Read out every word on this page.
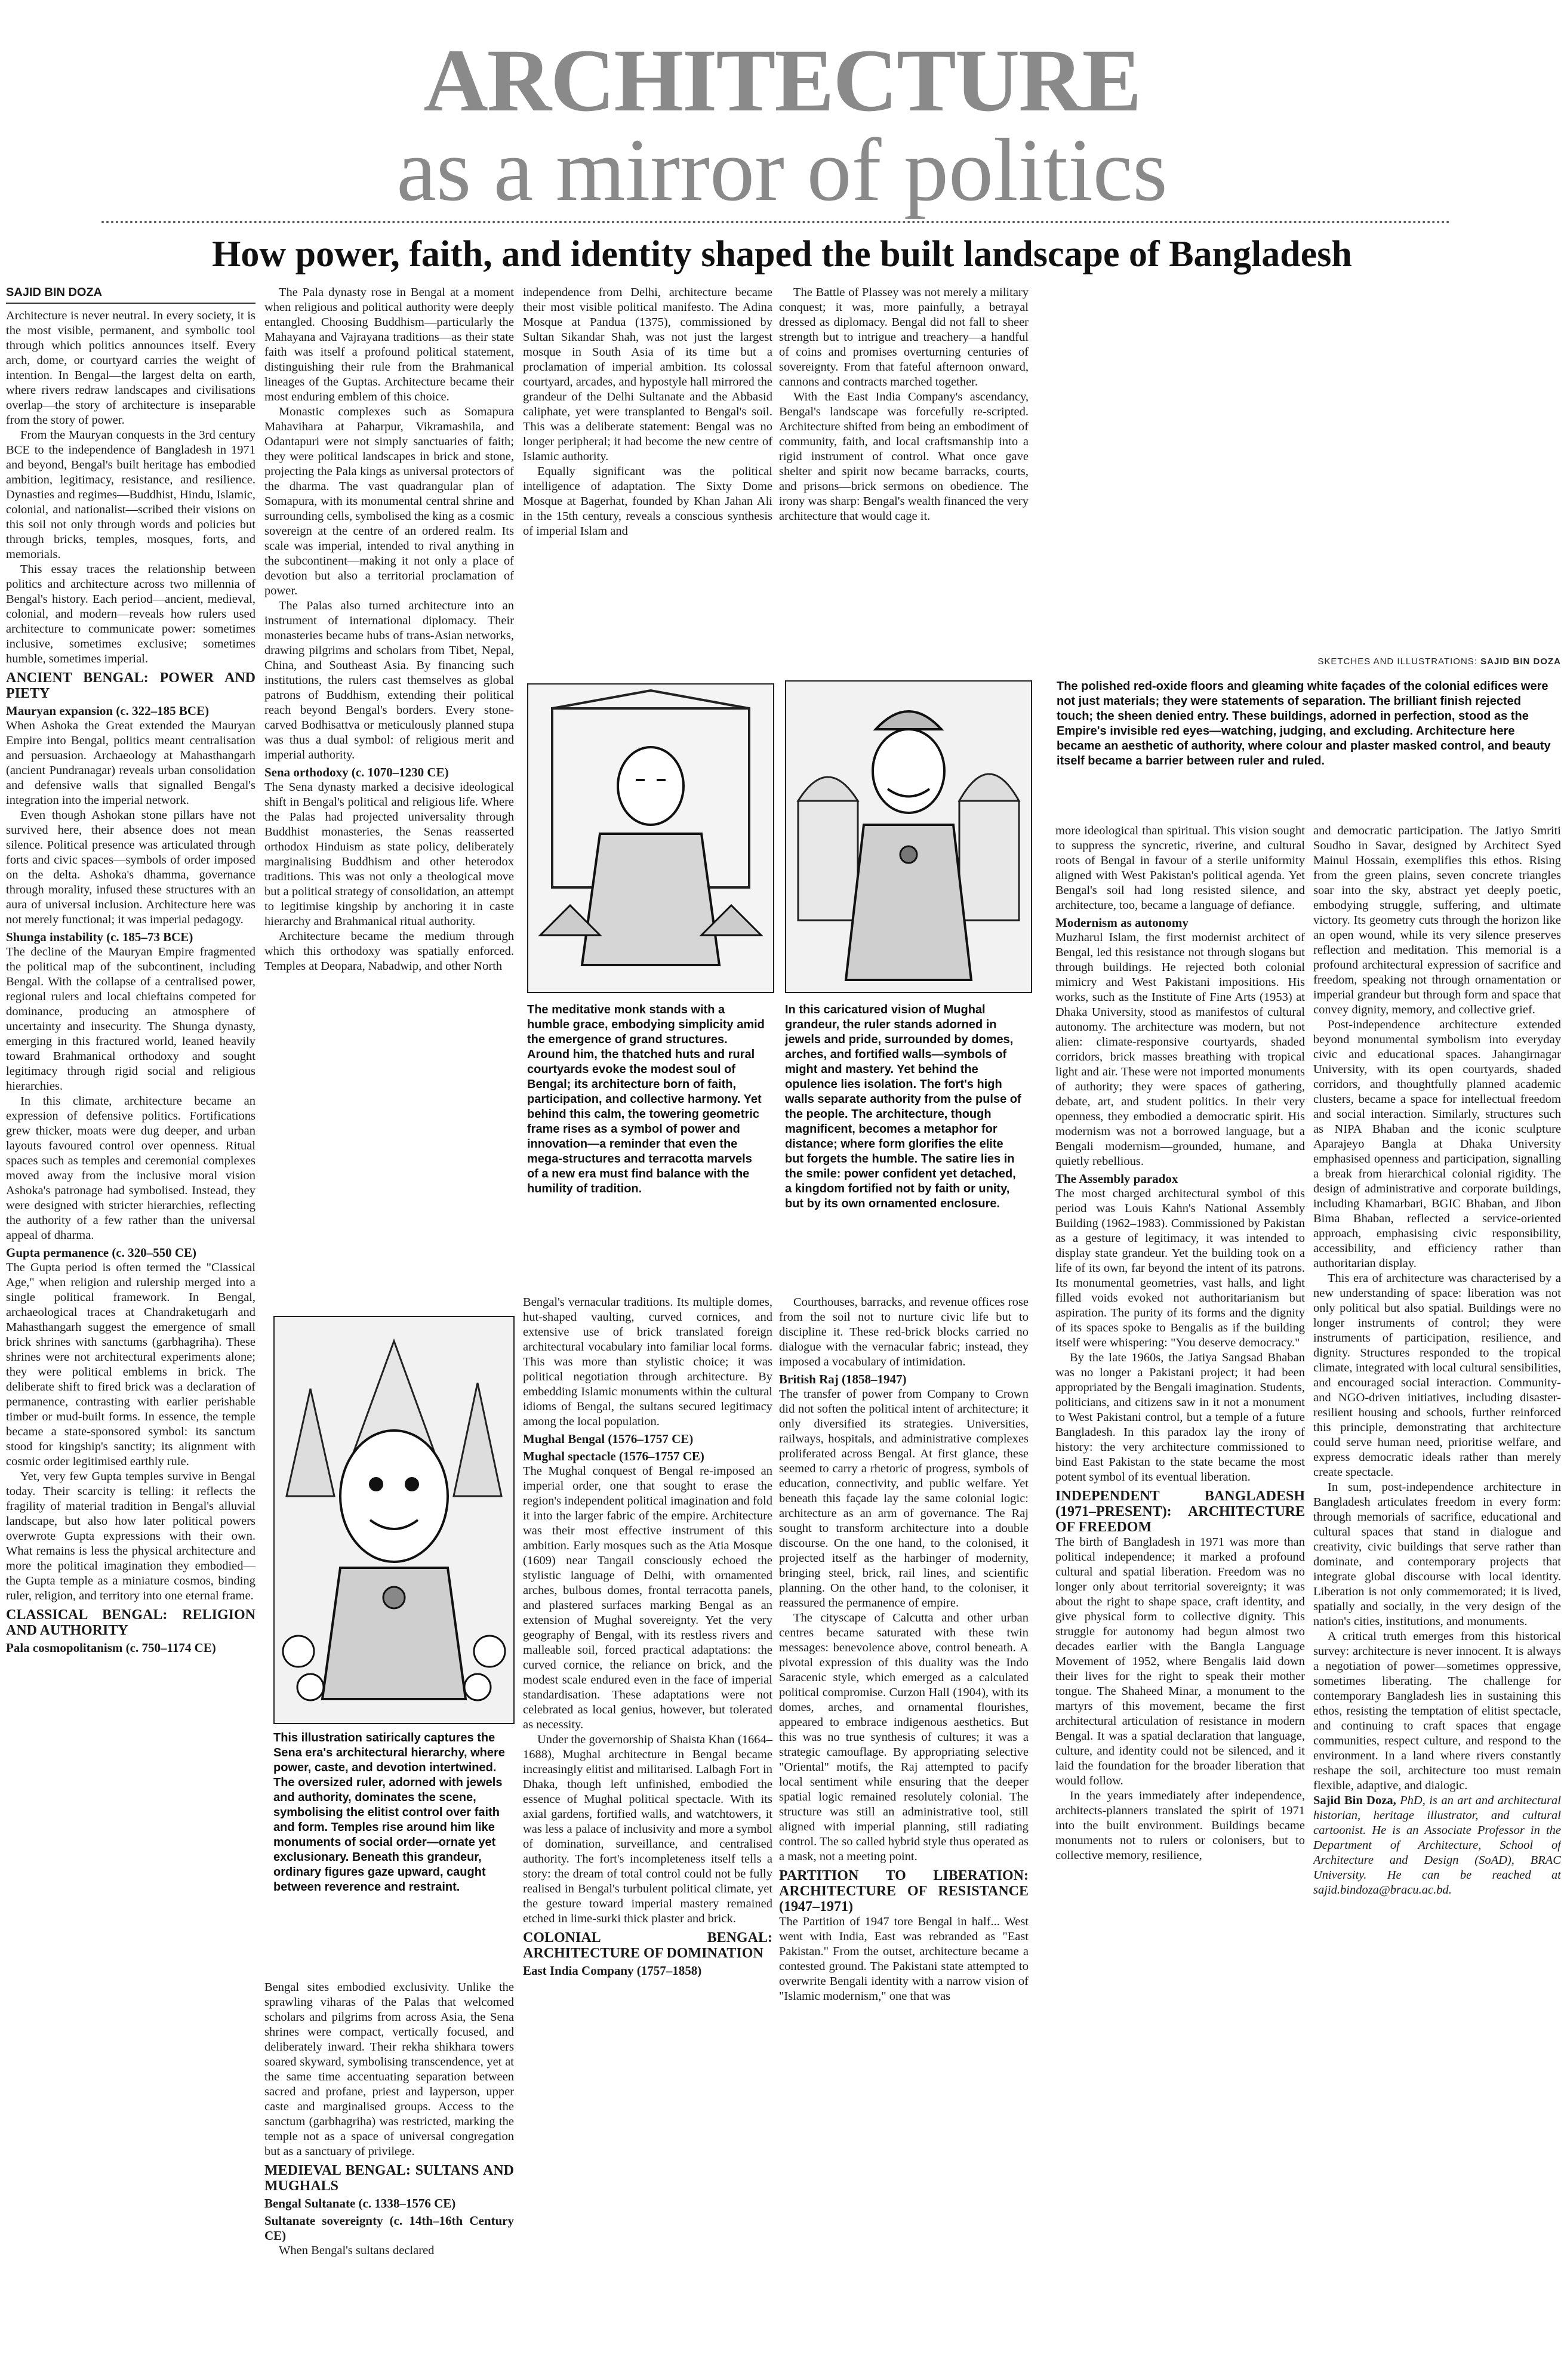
ARCHITECTURE
as a mirror of politics
How power, faith, and identity shaped the built landscape of Bangladesh
SAJID BIN DOZA

Architecture is never neutral. In every society, it is the most visible, permanent, and symbolic tool through which politics announces itself. Every arch, dome, or courtyard carries the weight of intention. In Bengal—the largest delta on earth, where rivers redraw landscapes and civilisations overlap—the story of architecture is inseparable from the story of power.

From the Mauryan conquests in the 3rd century BCE to the independence of Bangladesh in 1971 and beyond, Bengal's built heritage has embodied ambition, legitimacy, resistance, and resilience. Dynasties and regimes—Buddhist, Hindu, Islamic, colonial, and nationalist—scribed their visions on this soil not only through words and policies but through bricks, temples, mosques, forts, and memorials.

This essay traces the relationship between politics and architecture across two millennia of Bengal's history. Each period—ancient, medieval, colonial, and modern—reveals how rulers used architecture to communicate power: sometimes inclusive, sometimes exclusive; sometimes humble, sometimes imperial.

ANCIENT BENGAL: POWER AND PIETY
Mauryan expansion (c. 322–185 BCE)

When Ashoka the Great extended the Mauryan Empire into Bengal, politics meant centralisation and persuasion. Archaeology at Mahasthangarh (ancient Pundranagar) reveals urban consolidation and defensive walls that signalled Bengal's integration into the imperial network.

Even though Ashokan stone pillars have not survived here, their absence does not mean silence. Political presence was articulated through forts and civic spaces—symbols of order imposed on the delta. Ashoka's dhamma, governance through morality, infused these structures with an aura of universal inclusion. Architecture here was not merely functional; it was imperial pedagogy.

Shunga instability (c. 185–73 BCE)

The decline of the Mauryan Empire fragmented the political map of the subcontinent, including Bengal. With the collapse of a centralised power, regional rulers and local chieftains competed for dominance, producing an atmosphere of uncertainty and insecurity. The Shunga dynasty, emerging in this fractured world, leaned heavily toward Brahmanical orthodoxy and sought legitimacy through rigid social and religious hierarchies.

In this climate, architecture became an expression of defensive politics. Fortifications grew thicker, moats were dug deeper, and urban layouts favoured control over openness. Ritual spaces such as temples and ceremonial complexes moved away from the inclusive moral vision Ashoka's patronage had symbolised. Instead, they were designed with stricter hierarchies, reflecting the authority of a few rather than the universal appeal of dharma.

Gupta permanence (c. 320–550 CE)

The Gupta period is often termed the "Classical Age," when religion and rulership merged into a single political framework. In Bengal, archaeological traces at Chandraketugarh and Mahasthangarh suggest the emergence of small brick shrines with sanctums (garbhagriha). These shrines were not architectural experiments alone; they were political emblems in brick. The deliberate shift to fired brick was a declaration of permanence, contrasting with earlier perishable timber or mud-built forms. In essence, the temple became a state-sponsored symbol: its sanctum stood for kingship's sanctity; its alignment with cosmic order legitimised earthly rule.

Yet, very few Gupta temples survive in Bengal today. Their scarcity is telling: it reflects the fragility of material tradition in Bengal's alluvial landscape, but also how later political powers overwrote Gupta expressions with their own. What remains is less the physical architecture and more the political imagination they embodied—the Gupta temple as a miniature cosmos, binding ruler, religion, and territory into one eternal frame.

CLASSICAL BENGAL: RELIGION AND AUTHORITY
Pala cosmopolitanism (c. 750–1174 CE)

The Pala dynasty rose in Bengal at a moment when religious and political authority were deeply entangled. Choosing Buddhism—particularly the Mahayana and Vajrayana traditions—as their state faith was itself a profound political statement, distinguishing their rule from the Brahmanical lineages of the Guptas. Architecture became their most enduring emblem of this choice.

Monastic complexes such as Somapura Mahavihara at Paharpur, Vikramashila, and Odantapuri were not simply sanctuaries of faith; they were political landscapes in brick and stone, projecting the Pala kings as universal protectors of the dharma. The vast quadrangular plan of Somapura, with its monumental central shrine and surrounding cells, symbolised the king as a cosmic sovereign at the centre of an ordered realm. Its scale was imperial, intended to rival anything in the subcontinent—making it not only a place of devotion but also a territorial proclamation of power.

The Palas also turned architecture into an instrument of international diplomacy. Their monasteries became hubs of trans-Asian networks, drawing pilgrims and scholars from Tibet, Nepal, China, and Southeast Asia. By financing such institutions, the rulers cast themselves as global patrons of Buddhism, extending their political reach beyond Bengal's borders. Every stone-carved Bodhisattva or meticulously planned stupa was thus a dual symbol: of religious merit and imperial authority.

Sena orthodoxy (c. 1070–1230 CE)

The Sena dynasty marked a decisive ideological shift in Bengal's political and religious life. Where the Palas had projected universality through Buddhist monasteries, the Senas reasserted orthodox Hinduism as state policy, deliberately marginalising Buddhism and other heterodox traditions. This was not only a theological move but a political strategy of consolidation, an attempt to legitimise kingship by anchoring it in caste hierarchy and Brahmanical ritual authority.

Architecture became the medium through which this orthodoxy was spatially enforced. Temples at Deopara, Nabadwip, and other North

This illustration satirically captures the Sena era's architectural hierarchy, where power, caste, and devotion intertwined. The oversized ruler, adorned with jewels and authority, dominates the scene, symbolising the elitist control over faith and form. Temples rise around him like monuments of social order—ornate yet exclusionary. Beneath this grandeur, ordinary figures gaze upward, caught between reverence and restraint.

Bengal sites embodied exclusivity. Unlike the sprawling viharas of the Palas that welcomed scholars and pilgrims from across Asia, the Sena shrines were compact, vertically focused, and deliberately inward. Their rekha shikhara towers soared skyward, symbolising transcendence, yet at the same time accentuating separation between sacred and profane, priest and layperson, upper caste and marginalised groups. Access to the sanctum (garbhagriha) was restricted, marking the temple not as a space of universal congregation but as a sanctuary of privilege.

MEDIEVAL BENGAL: SULTANS AND MUGHALS
Bengal Sultanate (c. 1338–1576 CE)
Sultanate sovereignty (c. 14th–16th Century CE)

When Bengal's sultans declared

independence from Delhi, architecture became their most visible political manifesto. The Adina Mosque at Pandua (1375), commissioned by Sultan Sikandar Shah, was not just the largest mosque in South Asia of its time but a proclamation of imperial ambition. Its colossal courtyard, arcades, and hypostyle hall mirrored the grandeur of the Delhi Sultanate and the Abbasid caliphate, yet were transplanted to Bengal's soil. This was a deliberate statement: Bengal was no longer peripheral; it had become the new centre of Islamic authority.

Equally significant was the political intelligence of adaptation. The Sixty Dome Mosque at Bagerhat, founded by Khan Jahan Ali in the 15th century, reveals a conscious synthesis of imperial Islam and

The Battle of Plassey was not merely a military conquest; it was, more painfully, a betrayal dressed as diplomacy. Bengal did not fall to sheer strength but to intrigue and treachery—a handful of coins and promises overturning centuries of sovereignty. From that fateful afternoon onward, cannons and contracts marched together.

With the East India Company's ascendancy, Bengal's landscape was forcefully re-scripted. Architecture shifted from being an embodiment of community, faith, and local craftsmanship into a rigid instrument of control. What once gave shelter and spirit now became barracks, courts, and prisons—brick sermons on obedience. The irony was sharp: Bengal's wealth financed the very architecture that would cage it.

The meditative monk stands with a humble grace, embodying simplicity amid the emergence of grand structures. Around him, the thatched huts and rural courtyards evoke the modest soul of Bengal; its architecture born of faith, participation, and collective harmony. Yet behind this calm, the towering geometric frame rises as a symbol of power and innovation—a reminder that even the mega-structures and terracotta marvels of a new era must find balance with the humility of tradition.
In this caricatured vision of Mughal grandeur, the ruler stands adorned in jewels and pride, surrounded by domes, arches, and fortified walls—symbols of might and mastery. Yet behind the opulence lies isolation. The fort's high walls separate authority from the pulse of the people. The architecture, though magnificent, becomes a metaphor for distance; where form glorifies the elite but forgets the humble. The satire lies in the smile: power confident yet detached, a kingdom fortified not by faith or unity, but by its own ornamented enclosure.
SKETCHES AND ILLUSTRATIONS: SAJID BIN DOZA
The polished red-oxide floors and gleaming white façades of the colonial edifices were not just materials; they were statements of separation. The brilliant finish rejected touch; the sheen denied entry. These buildings, adorned in perfection, stood as the Empire's invisible red eyes—watching, judging, and excluding. Architecture here became an aesthetic of authority, where colour and plaster masked control, and beauty itself became a barrier between ruler and ruled.

Bengal's vernacular traditions. Its multiple domes, hut-shaped vaulting, curved cornices, and extensive use of brick translated foreign architectural vocabulary into familiar local forms. This was more than stylistic choice; it was political negotiation through architecture. By embedding Islamic monuments within the cultural idioms of Bengal, the sultans secured legitimacy among the local population.

Mughal Bengal (1576–1757 CE)
Mughal spectacle (1576–1757 CE)

The Mughal conquest of Bengal re-imposed an imperial order, one that sought to erase the region's independent political imagination and fold it into the larger fabric of the empire. Architecture was their most effective instrument of this ambition. Early mosques such as the Atia Mosque (1609) near Tangail consciously echoed the stylistic language of Delhi, with ornamented arches, bulbous domes, frontal terracotta panels, and plastered surfaces marking Bengal as an extension of Mughal sovereignty. Yet the very geography of Bengal, with its restless rivers and malleable soil, forced practical adaptations: the curved cornice, the reliance on brick, and the modest scale endured even in the face of imperial standardisation. These adaptations were not celebrated as local genius, however, but tolerated as necessity.

Under the governorship of Shaista Khan (1664–1688), Mughal architecture in Bengal became increasingly elitist and militarised. Lalbagh Fort in Dhaka, though left unfinished, embodied the essence of Mughal political spectacle. With its axial gardens, fortified walls, and watchtowers, it was less a palace of inclusivity and more a symbol of domination, surveillance, and centralised authority. The fort's incompleteness itself tells a story: the dream of total control could not be fully realised in Bengal's turbulent political climate, yet the gesture toward imperial mastery remained etched in lime-surki thick plaster and brick.

COLONIAL BENGAL: ARCHITECTURE OF DOMINATION
East India Company (1757–1858)

Courthouses, barracks, and revenue offices rose from the soil not to nurture civic life but to discipline it. These red-brick blocks carried no dialogue with the vernacular fabric; instead, they imposed a vocabulary of intimidation.

British Raj (1858–1947)

The transfer of power from Company to Crown did not soften the political intent of architecture; it only diversified its strategies. Universities, railways, hospitals, and administrative complexes proliferated across Bengal. At first glance, these seemed to carry a rhetoric of progress, symbols of education, connectivity, and public welfare. Yet beneath this façade lay the same colonial logic: architecture as an arm of governance. The Raj sought to transform architecture into a double discourse. On the one hand, to the colonised, it projected itself as the harbinger of modernity, bringing steel, brick, rail lines, and scientific planning. On the other hand, to the coloniser, it reassured the permanence of empire.

The cityscape of Calcutta and other urban centres became saturated with these twin messages: benevolence above, control beneath. A pivotal expression of this duality was the Indo Saracenic style, which emerged as a calculated political compromise. Curzon Hall (1904), with its domes, arches, and ornamental flourishes, appeared to embrace indigenous aesthetics. But this was no true synthesis of cultures; it was a strategic camouflage. By appropriating selective "Oriental" motifs, the Raj attempted to pacify local sentiment while ensuring that the deeper spatial logic remained resolutely colonial. The structure was still an administrative tool, still aligned with imperial planning, still radiating control. The so called hybrid style thus operated as a mask, not a meeting point.

PARTITION TO LIBERATION: ARCHITECTURE OF RESISTANCE (1947–1971)

The Partition of 1947 tore Bengal in half... West went with India, East was rebranded as "East Pakistan." From the outset, architecture became a contested ground. The Pakistani state attempted to overwrite Bengali identity with a narrow vision of "Islamic modernism," one that was

more ideological than spiritual. This vision sought to suppress the syncretic, riverine, and cultural roots of Bengal in favour of a sterile uniformity aligned with West Pakistan's political agenda. Yet Bengal's soil had long resisted silence, and architecture, too, became a language of defiance.

Modernism as autonomy

Muzharul Islam, the first modernist architect of Bengal, led this resistance not through slogans but through buildings. He rejected both colonial mimicry and West Pakistani impositions. His works, such as the Institute of Fine Arts (1953) at Dhaka University, stood as manifestos of cultural autonomy. The architecture was modern, but not alien: climate-responsive courtyards, shaded corridors, brick masses breathing with tropical light and air. These were not imported monuments of authority; they were spaces of gathering, debate, art, and student politics. In their very openness, they embodied a democratic spirit. His modernism was not a borrowed language, but a Bengali modernism—grounded, humane, and quietly rebellious.

The Assembly paradox

The most charged architectural symbol of this period was Louis Kahn's National Assembly Building (1962–1983). Commissioned by Pakistan as a gesture of legitimacy, it was intended to display state grandeur. Yet the building took on a life of its own, far beyond the intent of its patrons. Its monumental geometries, vast halls, and light filled voids evoked not authoritarianism but aspiration. The purity of its forms and the dignity of its spaces spoke to Bengalis as if the building itself were whispering: "You deserve democracy."

By the late 1960s, the Jatiya Sangsad Bhaban was no longer a Pakistani project; it had been appropriated by the Bengali imagination. Students, politicians, and citizens saw in it not a monument to West Pakistani control, but a temple of a future Bangladesh. In this paradox lay the irony of history: the very architecture commissioned to bind East Pakistan to the state became the most potent symbol of its eventual liberation.

INDEPENDENT BANGLADESH (1971–PRESENT): ARCHITECTURE OF FREEDOM

The birth of Bangladesh in 1971 was more than political independence; it marked a profound cultural and spatial liberation. Freedom was no longer only about territorial sovereignty; it was about the right to shape space, craft identity, and give physical form to collective dignity. This struggle for autonomy had begun almost two decades earlier with the Bangla Language Movement of 1952, where Bengalis laid down their lives for the right to speak their mother tongue. The Shaheed Minar, a monument to the martyrs of this movement, became the first architectural articulation of resistance in modern Bengal. It was a spatial declaration that language, culture, and identity could not be silenced, and it laid the foundation for the broader liberation that would follow.

In the years immediately after independence, architects-planners translated the spirit of 1971 into the built environment. Buildings became monuments not to rulers or colonisers, but to collective memory, resilience,

and democratic participation. The Jatiyo Smriti Soudho in Savar, designed by Architect Syed Mainul Hossain, exemplifies this ethos. Rising from the green plains, seven concrete triangles soar into the sky, abstract yet deeply poetic, embodying struggle, suffering, and ultimate victory. Its geometry cuts through the horizon like an open wound, while its very silence preserves reflection and meditation. This memorial is a profound architectural expression of sacrifice and freedom, speaking not through ornamentation or imperial grandeur but through form and space that convey dignity, memory, and collective grief.

Post-independence architecture extended beyond monumental symbolism into everyday civic and educational spaces. Jahangirnagar University, with its open courtyards, shaded corridors, and thoughtfully planned academic clusters, became a space for intellectual freedom and social interaction. Similarly, structures such as NIPA Bhaban and the iconic sculpture Aparajeyo Bangla at Dhaka University emphasised openness and participation, signalling a break from hierarchical colonial rigidity. The design of administrative and corporate buildings, including Khamarbari, BGIC Bhaban, and Jibon Bima Bhaban, reflected a service-oriented approach, emphasising civic responsibility, accessibility, and efficiency rather than authoritarian display.

This era of architecture was characterised by a new understanding of space: liberation was not only political but also spatial. Buildings were no longer instruments of control; they were instruments of participation, resilience, and dignity. Structures responded to the tropical climate, integrated with local cultural sensibilities, and encouraged social interaction. Community- and NGO-driven initiatives, including disaster-resilient housing and schools, further reinforced this principle, demonstrating that architecture could serve human need, prioritise welfare, and express democratic ideals rather than merely create spectacle.

In sum, post-independence architecture in Bangladesh articulates freedom in every form: through memorials of sacrifice, educational and cultural spaces that stand in dialogue and creativity, civic buildings that serve rather than dominate, and contemporary projects that integrate global discourse with local identity. Liberation is not only commemorated; it is lived, spatially and socially, in the very design of the nation's cities, institutions, and monuments.

A critical truth emerges from this historical survey: architecture is never innocent. It is always a negotiation of power—sometimes oppressive, sometimes liberating. The challenge for contemporary Bangladesh lies in sustaining this ethos, resisting the temptation of elitist spectacle, and continuing to craft spaces that engage communities, respect culture, and respond to the environment. In a land where rivers constantly reshape the soil, architecture too must remain flexible, adaptive, and dialogic.

Sajid Bin Doza, PhD, is an art and architectural historian, heritage illustrator, and cultural cartoonist. He is an Associate Professor in the Department of Architecture, School of Architecture and Design (SoAD), BRAC University. He can be reached at sajid.bindoza@bracu.ac.bd.
